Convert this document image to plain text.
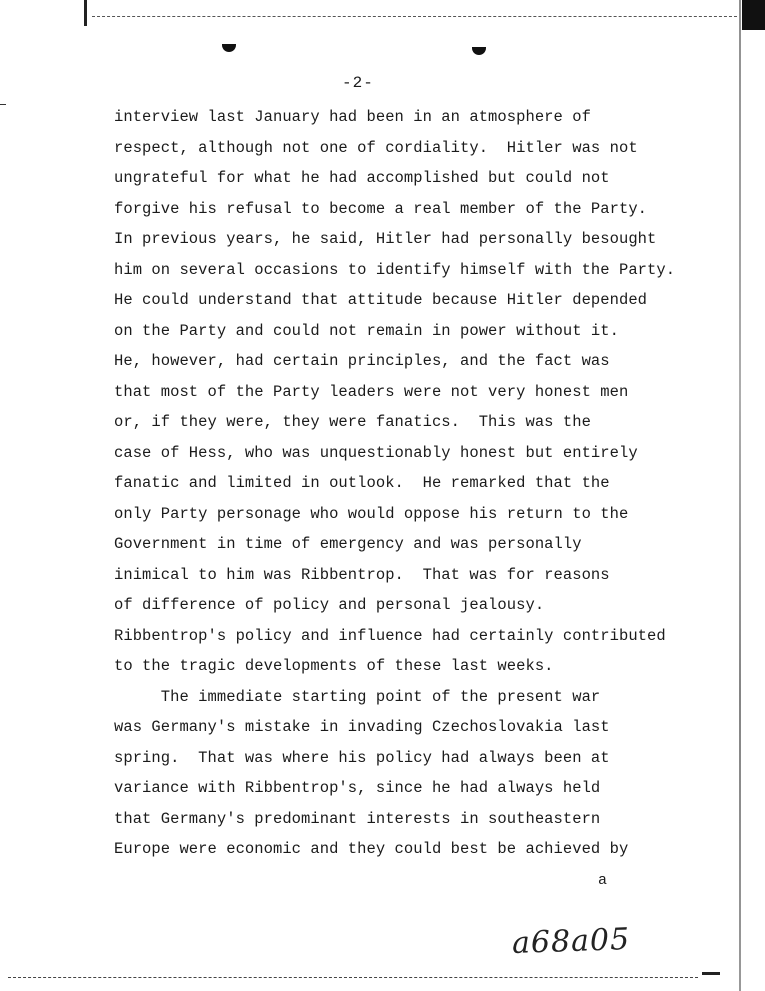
-2-
interview last January had been in an atmosphere of
respect, although not one of cordiality.  Hitler was not
ungrateful for what he had accomplished but could not
forgive his refusal to become a real member of the Party.
In previous years, he said, Hitler had personally besought
him on several occasions to identify himself with the Party.
He could understand that attitude because Hitler depended
on the Party and could not remain in power without it.
He, however, had certain principles, and the fact was
that most of the Party leaders were not very honest men
or, if they were, they were fanatics.  This was the
case of Hess, who was unquestionably honest but entirely
fanatic and limited in outlook.  He remarked that the
only Party personage who would oppose his return to the
Government in time of emergency and was personally
inimical to him was Ribbentrop.  That was for reasons
of difference of policy and personal jealousy.
Ribbentrop's policy and influence had certainly contributed
to the tragic developments of these last weeks.
The immediate starting point of the present war
was Germany's mistake in invading Czechoslovakia last
spring.  That was where his policy had always been at
variance with Ribbentrop's, since he had always held
that Germany's predominant interests in southeastern
Europe were economic and they could best be achieved by
a
a68a05
